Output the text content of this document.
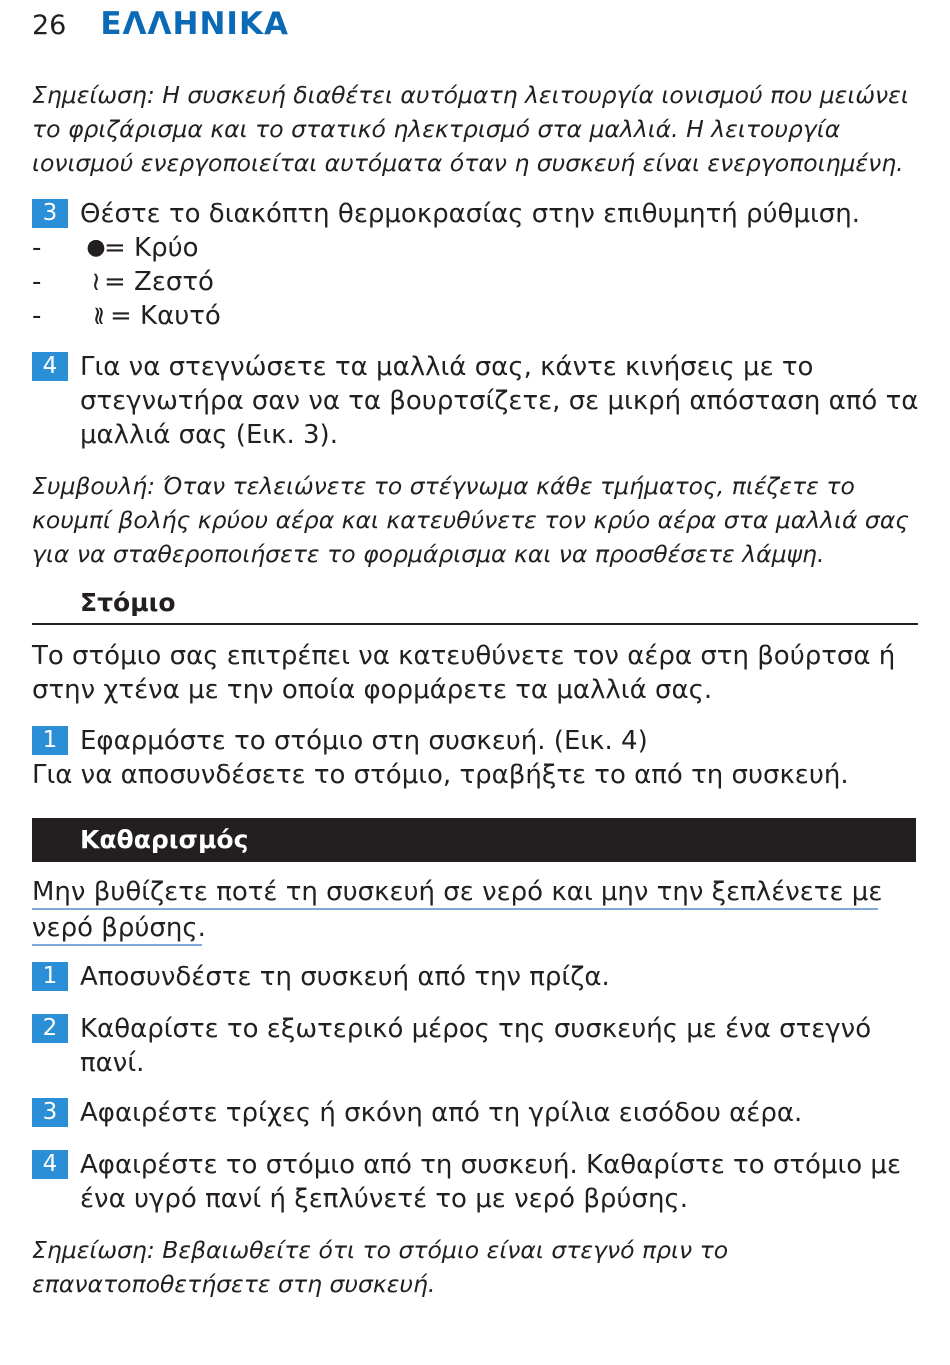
26 ΕΛΛΗΝΙΚΑ
Σημείωση: Η συσκευή διαθέτει αυτόματη λειτουργία ιονισμού που μειώνει το φριζάρισμα και το στατικό ηλεκτρισμό στα μαλλιά. Η λειτουργία ιονισμού ενεργοποιείται αυτόματα όταν η συσκευή είναι ενεργοποιημένη.
3 Θέστε το διακόπτη θερμοκρασίας στην επιθυμητή ρύθμιση.
-	●
= Κρύο
-	≀ = Ζεστό
-	≀≀ = Καυτό
4 Για να στεγνώσετε τα μαλλιά σας, κάντε κινήσεις με το στεγνωτήρα σαν να τα βουρτσίζετε, σε μικρή απόσταση από τα μαλλιά σας (Εικ. 3).
Συμβουλή: Όταν τελειώνετε το στέγνωμα κάθε τμήματος, πιέζετε το κουμπί βολής κρύου αέρα και κατευθύνετε τον κρύο αέρα στα μαλλιά σας για να σταθεροποιήσετε το φορμάρισμα και να προσθέσετε λάμψη.
Στόμιο
Το στόμιο σας επιτρέπει να κατευθύνετε τον αέρα στη βούρτσα ή στην χτένα με την οποία φορμάρετε τα μαλλιά σας.
1 Εφαρμόστε το στόμιο στη συσκευή. (Εικ. 4)
Για να αποσυνδέσετε το στόμιο, τραβήξτε το από τη συσκευή.
Καθαρισμός
Μην βυθίζετε ποτέ τη συσκευή σε νερό και μην την ξεπλένετε με νερό βρύσης.
1 Αποσυνδέστε τη συσκευή από την πρίζα.
2 Καθαρίστε το εξωτερικό μέρος της συσκευής με ένα στεγνό πανί.
3 Αφαιρέστε τρίχες ή σκόνη από τη γρίλια εισόδου αέρα.
4 Αφαιρέστε το στόμιο από τη συσκευή. Καθαρίστε το στόμιο με ένα υγρό πανί ή ξεπλύνετέ το με νερό βρύσης.
Σημείωση: Βεβαιωθείτε ότι το στόμιο είναι στεγνό πριν το επανατοποθετήσετε στη συσκευή.
